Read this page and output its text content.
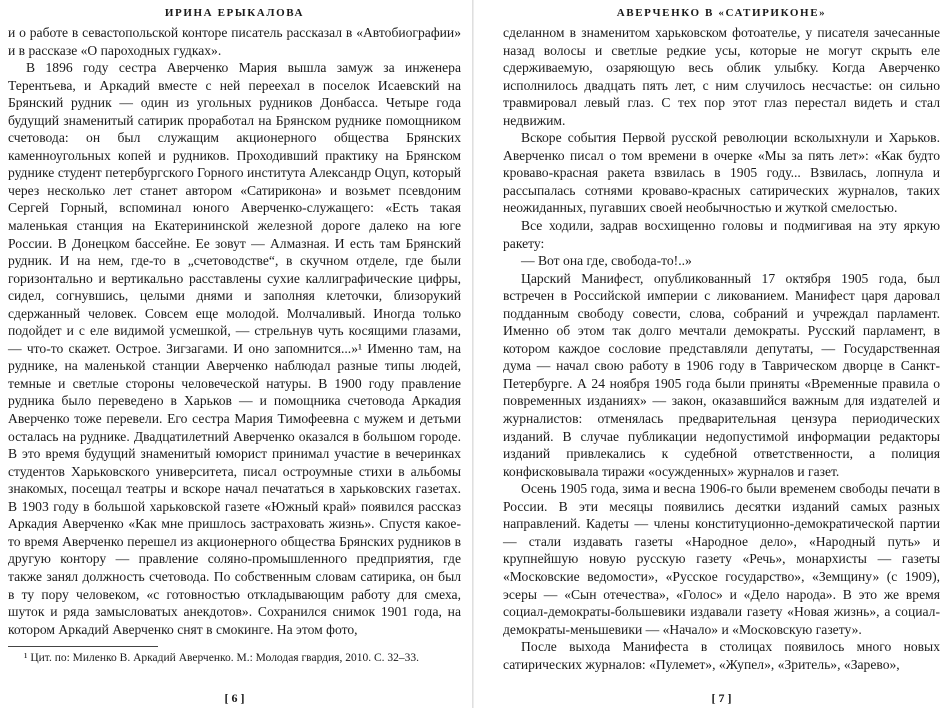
ИРИНА ЕРЫКАЛОВА

и о работе в севастопольской конторе писатель рассказал в «Автобиографии» и в рассказе «О пароходных гудках».

В 1896 году сестра Аверченко Мария вышла замуж за инженера Терентьева, и Аркадий вместе с ней переехал в поселок Исаевский на Брянский рудник — один из угольных рудников Донбасса. Четыре года будущий знаменитый сатирик проработал на Брянском руднике помощником счетовода: он был служащим акционерного общества Брянских каменноугольных копей и рудников. Проходивший практику на Брянском руднике студент петербургского Горного института Александр Оцуп, который через несколько лет станет автором «Сатирикона» и возьмет псевдоним Сергей Горный, вспоминал юного Аверченко-служащего: «Есть такая маленькая станция на Екатерининской железной дороге далеко на юге России. В Донецком бассейне. Ее зовут — Алмазная. И есть там Брянский рудник. И на нем, где-то в „счетоводстве“, в скучном отделе, где были горизонтально и вертикально расставлены сухие каллиграфические цифры, сидел, согнувшись, целыми днями и заполняя клеточки, близорукий сдержанный человек. Совсем еще молодой. Молчаливый. Иногда только подойдет и с еле видимой усмешкой, — стрельнув чуть косящими глазами, — что-то скажет. Острое. Зигзагами. И оно запомнится...»¹ Именно там, на руднике, на маленькой станции Аверченко наблюдал разные типы людей, темные и светлые стороны человеческой натуры. В 1900 году правление рудника было переведено в Харьков — и помощника счетовода Аркадия Аверченко тоже перевели. Его сестра Мария Тимофеевна с мужем и детьми осталась на руднике. Двадцатилетний Аверченко оказался в большом городе. В это время будущий знаменитый юморист принимал участие в вечеринках студентов Харьковского университета, писал остроумные стихи в альбомы знакомых, посещал театры и вскоре начал печататься в харьковских газетах. В 1903 году в большой харьковской газете «Южный край» появился рассказ Аркадия Аверченко «Как мне пришлось застраховать жизнь». Спустя какое-то время Аверченко перешел из акционерного общества Брянских рудников в другую контору — правление соляно-промышленного предприятия, где также занял должность счетовода. По собственным словам сатирика, он был в ту пору человеком, «с готовностью откладывающим работу для смеха, шуток и ряда замысловатых анекдотов». Сохранился снимок 1901 года, на котором Аркадий Аверченко снят в смокинге. На этом фото,

¹ Цит. по: Миленко В. Аркадий Аверченко. М.: Молодая гвардия, 2010. С. 32–33.
[ 6 ]
АВЕРЧЕНКО В «САТИРИКОНЕ»

сделанном в знаменитом харьковском фотоателье, у писателя зачесанные назад волосы и светлые редкие усы, которые не могут скрыть еле сдерживаемую, озаряющую весь облик улыбку. Когда Аверченко исполнилось двадцать пять лет, с ним случилось несчастье: он сильно травмировал левый глаз. С тех пор этот глаз перестал видеть и стал недвижим.

Вскоре события Первой русской революции всколыхнули и Харьков. Аверченко писал о том времени в очерке «Мы за пять лет»: «Как будто кроваво-красная ракета взвилась в 1905 году... Взвилась, лопнула и рассыпалась сотнями кроваво-красных сатирических журналов, таких неожиданных, пугавших своей необычностью и жуткой смелостью.

Все ходили, задрав восхищенно головы и подмигивая на эту яркую ракету:

— Вот она где, свобода-то!..»

Царский Манифест, опубликованный 17 октября 1905 года, был встречен в Российской империи с ликованием. Манифест царя даровал подданным свободу совести, слова, собраний и учреждал парламент. Именно об этом так долго мечтали демократы. Русский парламент, в котором каждое сословие представляли депутаты, — Государственная дума — начал свою работу в 1906 году в Таврическом дворце в Санкт-Петербурге. А 24 ноября 1905 года были приняты «Временные правила о повременных изданиях» — закон, оказавшийся важным для издателей и журналистов: отменялась предварительная цензура периодических изданий. В случае публикации недопустимой информации редакторы изданий привлекались к судебной ответственности, а полиция конфисковывала тиражи «осужденных» журналов и газет.

Осень 1905 года, зима и весна 1906-го были временем свободы печати в России. В эти месяцы появились десятки изданий самых разных направлений. Кадеты — члены конституционно-демократической партии — стали издавать газеты «Народное дело», «Народный путь» и крупнейшую новую русскую газету «Речь», монархисты — газеты «Московские ведомости», «Русское государство», «Земщину» (с 1909), эсеры — «Сын отечества», «Голос» и «Дело народа». В это же время социал-демократы-большевики издавали газету «Новая жизнь», а социал-демократы-меньшевики — «Начало» и «Московскую газету».

После выхода Манифеста в столицах появилось много новых сатирических журналов: «Пулемет», «Жупел», «Зритель», «Зарево»,

[ 7 ]
